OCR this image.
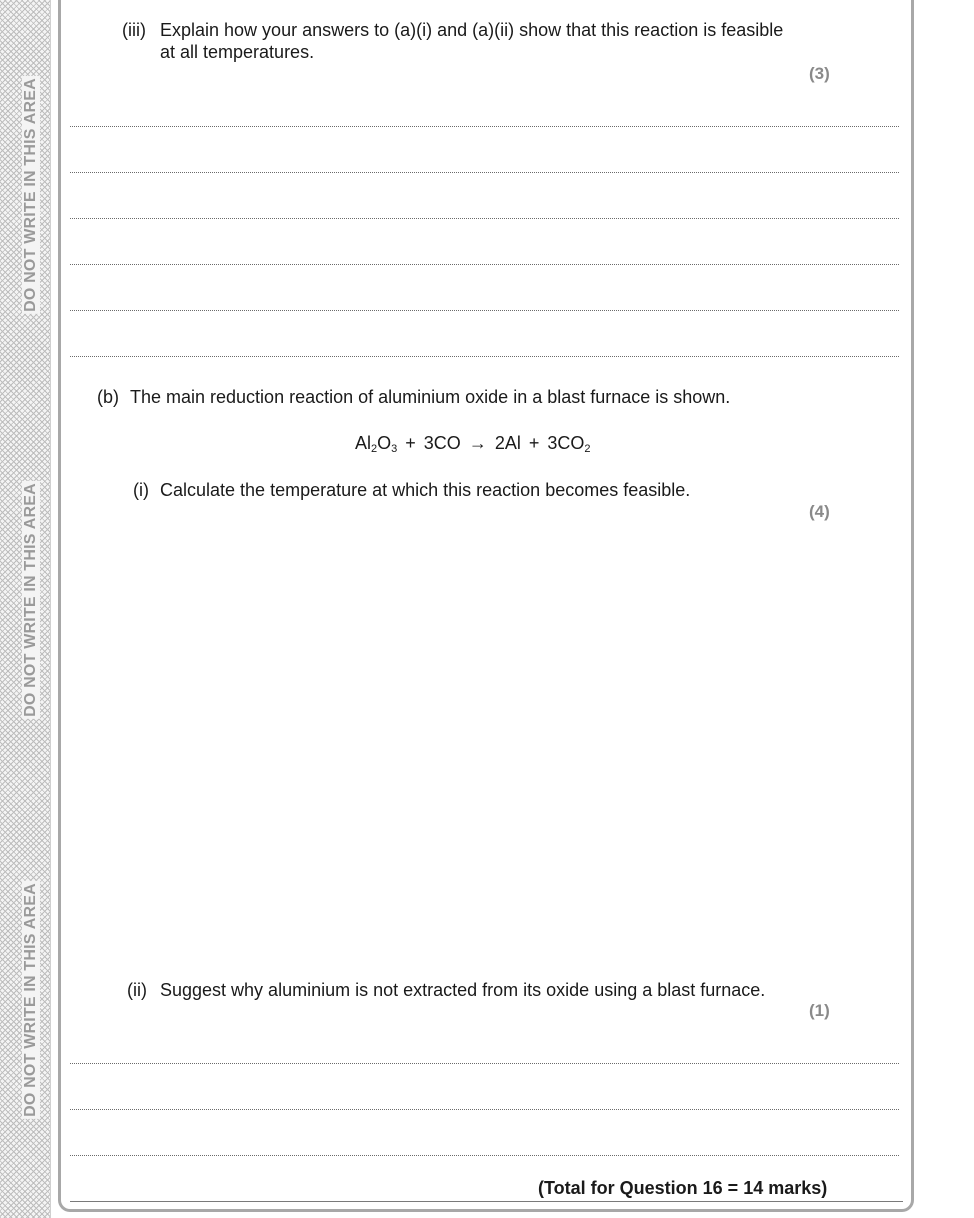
DO NOT WRITE IN THIS AREA
DO NOT WRITE IN THIS AREA
DO NOT WRITE IN THIS AREA
(iii) Explain how your answers to (a)(i) and (a)(ii) show that this reaction is feasible
at all temperatures.
(3)
(b) The main reduction reaction of aluminium oxide in a blast furnace is shown.
$Al_2O_3 + 3CO \to 2Al + 3CO_2$
(i) Calculate the temperature at which this reaction becomes feasible.
(4)
(ii) Suggest why aluminium is not extracted from its oxide using a blast furnace.
(1)
(Total for Question 16 = 14 marks)
